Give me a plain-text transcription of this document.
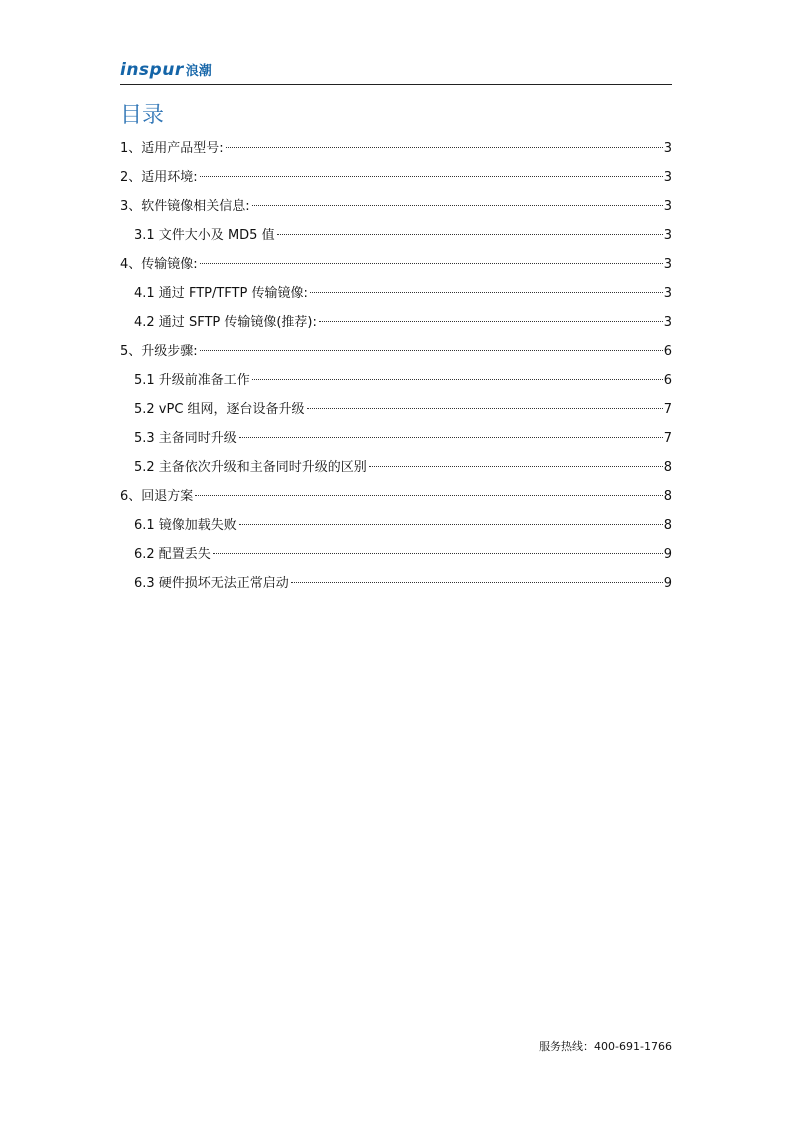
inspur 浪潮
目录
1、适用产品型号:	3
2、适用环境:	3
3、软件镜像相关信息:	3
3.1 文件大小及 MD5 值	3
4、传输镜像:	3
4.1 通过 FTP/TFTP 传输镜像:	3
4.2 通过 SFTP 传输镜像(推荐):	3
5、升级步骤:	6
5.1 升级前准备工作	6
5.2 vPC 组网，逐台设备升级	7
5.3 主备同时升级	7
5.2 主备依次升级和主备同时升级的区别	8
6、回退方案	8
6.1 镜像加载失败	8
6.2 配置丢失	9
6.3 硬件损坏无法正常启动	9
服务热线：400-691-1766
